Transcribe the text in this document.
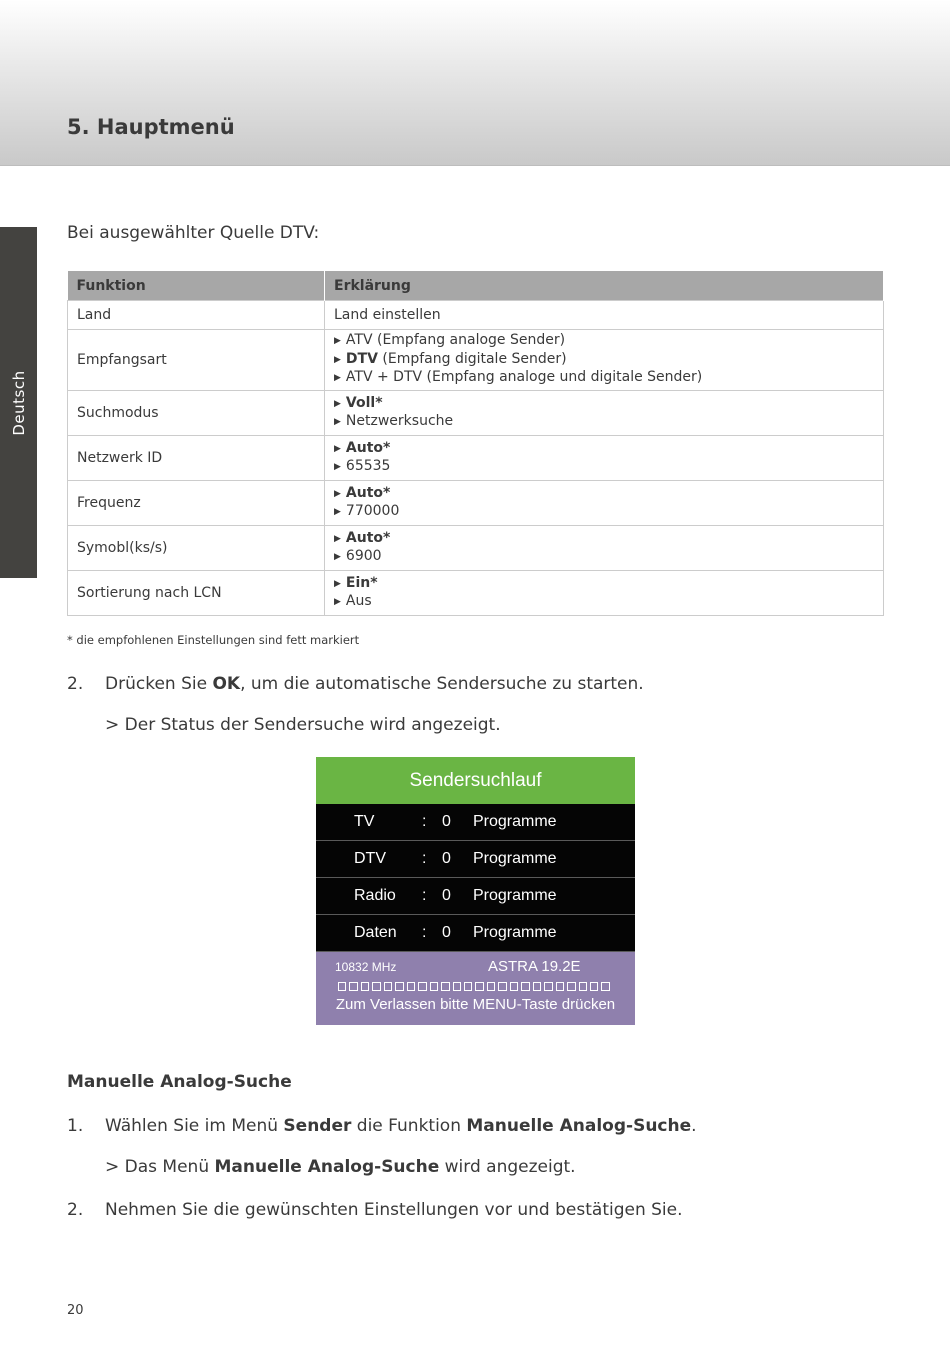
5. Hauptmenü
Deutsch

Bei ausgewählter Quelle DTV:

Funktion	Erklärung
Land	Land einstellen
Empfangsart	▶ ATV (Empfang analoge Sender)
▶ DTV (Empfang digitale Sender)
▶ ATV + DTV (Empfang analoge und digitale Sender)

Suchmodus	▶ Voll*
▶ Netzwerksuche

Netzwerk ID	▶ Auto*
▶ 65535

Frequenz	▶ Auto*
▶ 770000

Symobl(ks/s)	▶ Auto*
▶ 6900

Sortierung nach LCN	▶ Ein*
▶ Aus

* die empfohlenen Einstellungen sind fett markiert

2. Drücken Sie OK, um die automatische Sendersuche zu starten.

> Der Status der Sendersuche wird angezeigt.

Sendersuchlauf
TV	: 0 Programme
DTV : 0 Programme
Radio : 0 Programme
Daten : 0 Programme
10832 MHz	ASTRA 19.2E
Zum Verlassen bitte MENU-Taste drücken

Manuelle Analog-Suche

1. Wählen Sie im Menü Sender die Funktion Manuelle Analog-Suche.

> Das Menü Manuelle Analog-Suche wird angezeigt.

2. Nehmen Sie die gewünschten Einstellungen vor und bestätigen Sie.

20
